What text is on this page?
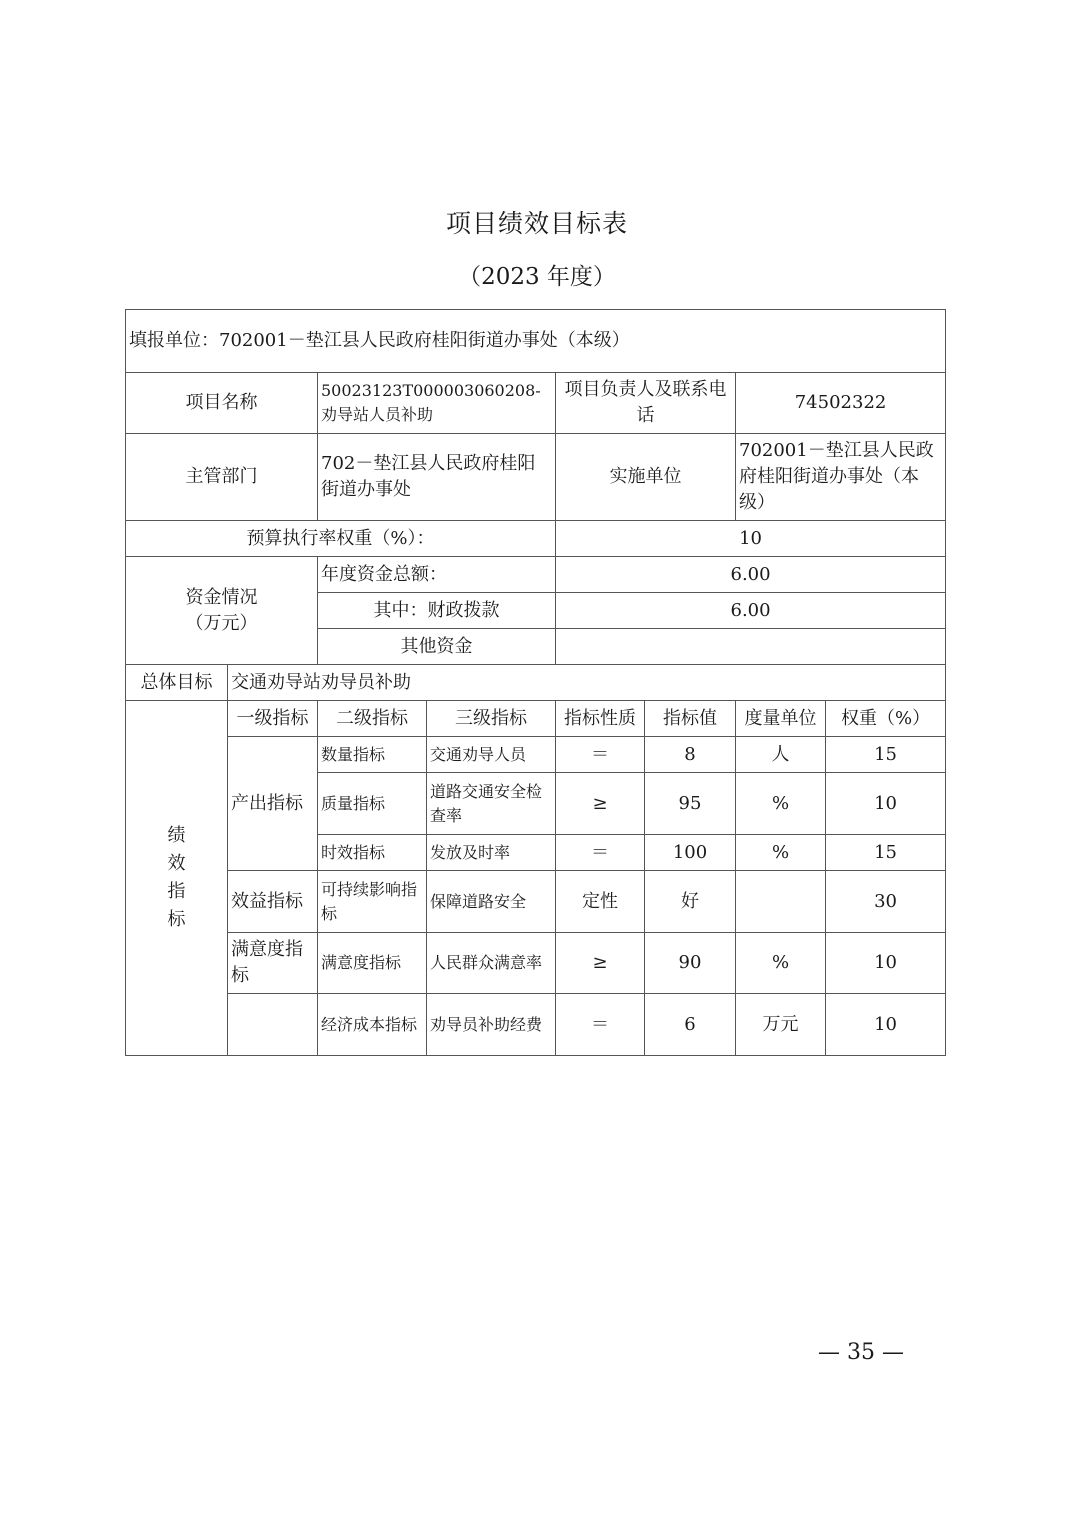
项目绩效目标表
（2023 年度）
填报单位：702001－垫江县人民政府桂阳街道办事处（本级）							
项目名称		50023123T000003060208-劝导站人员补助		项目负责人及联系电话		74502322	
主管部门		702－垫江县人民政府桂阳 街道办事处		实施单位		702001－垫江县人民政府桂阳街道办事处（本级）	
预算执行率权重（%）：				10			
资金情况
（万元）		年度资金总额：		6.00			
		其中：财政拨款		6.00			
		其他资金					
总体目标	交通劝导站劝导员补助						

绩
效
指
标	一级指标	二级指标	三级指标	指标性质	指标值	度量单位	权重（%）
	产出指标	数量指标	交通劝导人员	＝	8	人	15
		质量指标	道路交通安全检查率	≥	95	%	10
		时效指标	发放及时率	＝	100	%	15
	效益指标	可持续影响指标	保障道路安全	定性	好		30
	满意度指标	满意度指标	人民群众满意率	≥	90	%	10
		经济成本指标	劝导员补助经费	＝	6	万元	10
— 35 —
